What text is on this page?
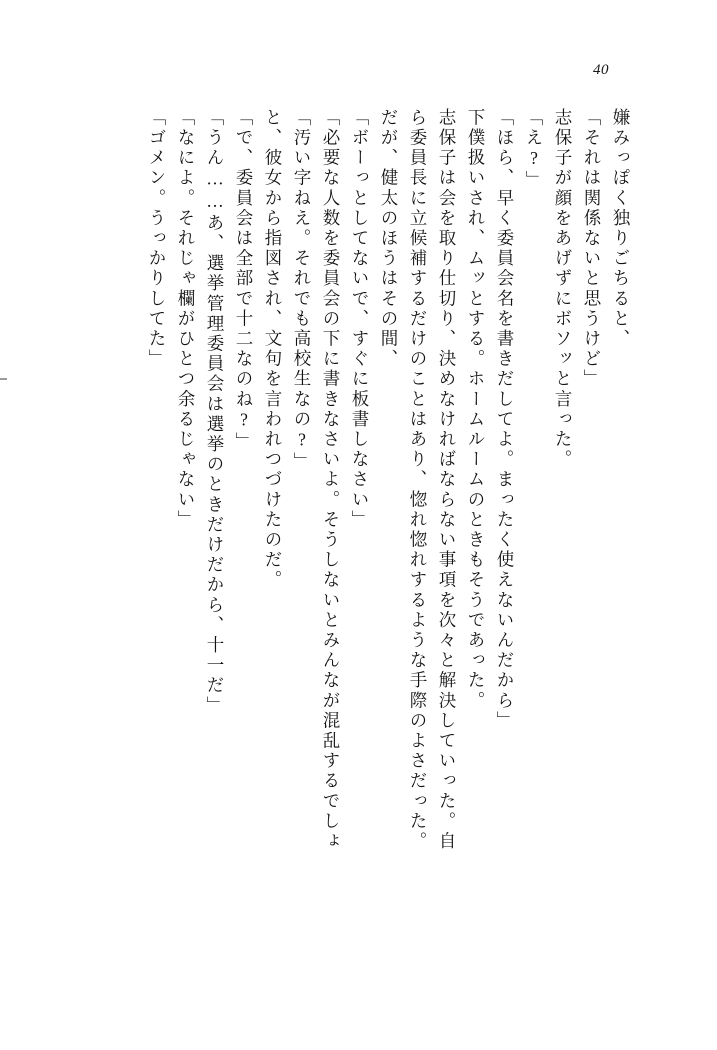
40
嫌みっぽく独りごちると、
「それは関係ないと思うけど」
志保子が顔をあげずにボソッと言った。
「え?」
「ほら、早く委員会名を書きだしてよ。まったく使えないんだから」
下僕扱いされ、ムッとする。ホームルームのときもそうであった。
志保子は会を取り仕切り、決めなければならない事項を次々と解決していった。自
ら委員長に立候補するだけのことはあり、惚れ惚れするような手際のよさだった。
だが、健太のほうはその間、
「ボーっとしてないで、すぐに板書しなさい」
「必要な人数を委員会の下に書きなさいよ。そうしないとみんなが混乱するでしょ
「汚い字ねえ。それでも高校生なの?」
と、彼女から指図され、文句を言われつづけたのだ。
「で、委員会は全部で十二なのね?」
「うん……あ、選挙管理委員会は選挙のときだけだから、十一だ」
「なによ。それじゃ欄がひとつ余るじゃない」
「ゴメン。うっかりしてた」
